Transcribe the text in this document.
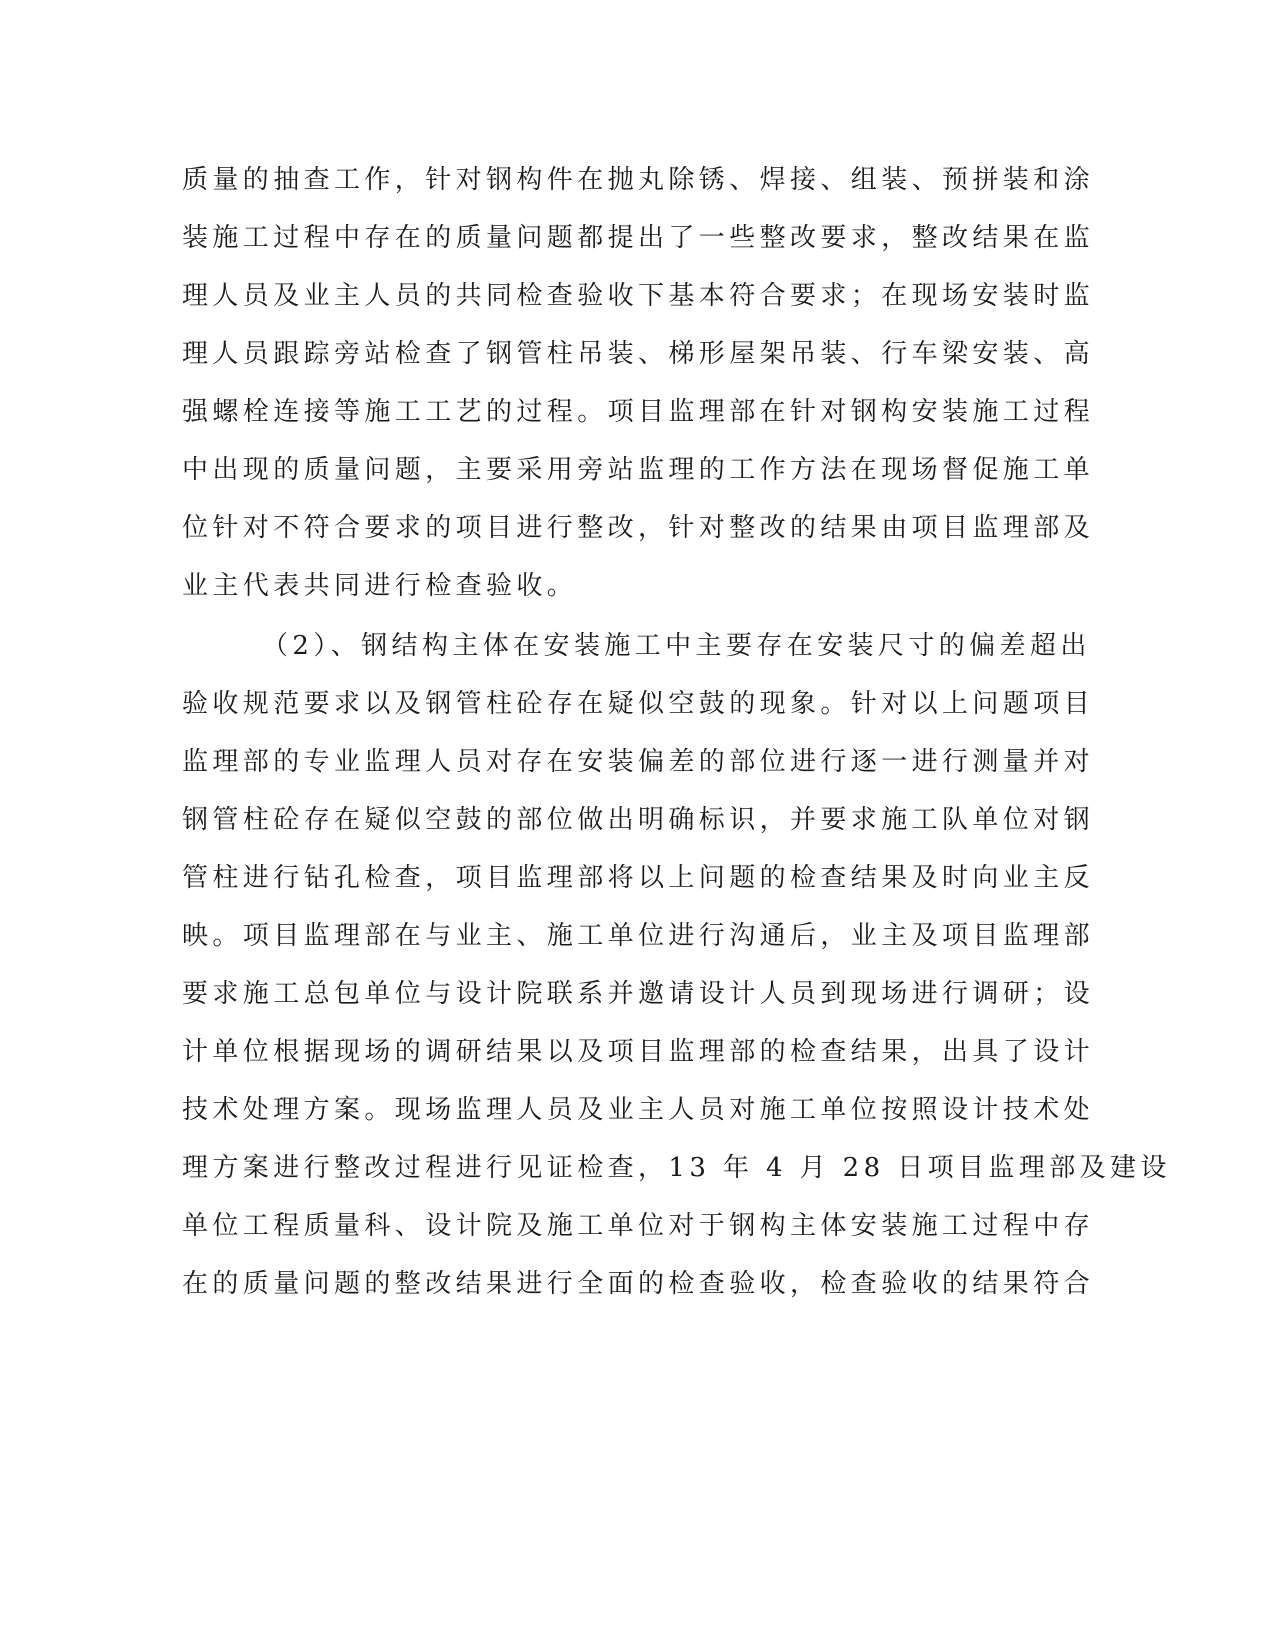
质量的抽查工作，针对钢构件在抛丸除锈、焊接、组装、预拼装和涂
装施工过程中存在的质量问题都提出了一些整改要求，整改结果在监
理人员及业主人员的共同检查验收下基本符合要求；在现场安装时监
理人员跟踪旁站检查了钢管柱吊装、梯形屋架吊装、行车梁安装、高
强螺栓连接等施工工艺的过程。项目监理部在针对钢构安装施工过程
中出现的质量问题，主要采用旁站监理的工作方法在现场督促施工单
位针对不符合要求的项目进行整改，针对整改的结果由项目监理部及
业主代表共同进行检查验收。
（2）、钢结构主体在安装施工中主要存在安装尺寸的偏差超出
验收规范要求以及钢管柱砼存在疑似空鼓的现象。针对以上问题项目
监理部的专业监理人员对存在安装偏差的部位进行逐一进行测量并对
钢管柱砼存在疑似空鼓的部位做出明确标识，并要求施工队单位对钢
管柱进行钻孔检查，项目监理部将以上问题的检查结果及时向业主反
映。项目监理部在与业主、施工单位进行沟通后，业主及项目监理部
要求施工总包单位与设计院联系并邀请设计人员到现场进行调研；设
计单位根据现场的调研结果以及项目监理部的检查结果，出具了设计
技术处理方案。现场监理人员及业主人员对施工单位按照设计技术处
理方案进行整改过程进行见证检查，13 年 4 月 28 日项目监理部及建设
单位工程质量科、设计院及施工单位对于钢构主体安装施工过程中存
在的质量问题的整改结果进行全面的检查验收，检查验收的结果符合
